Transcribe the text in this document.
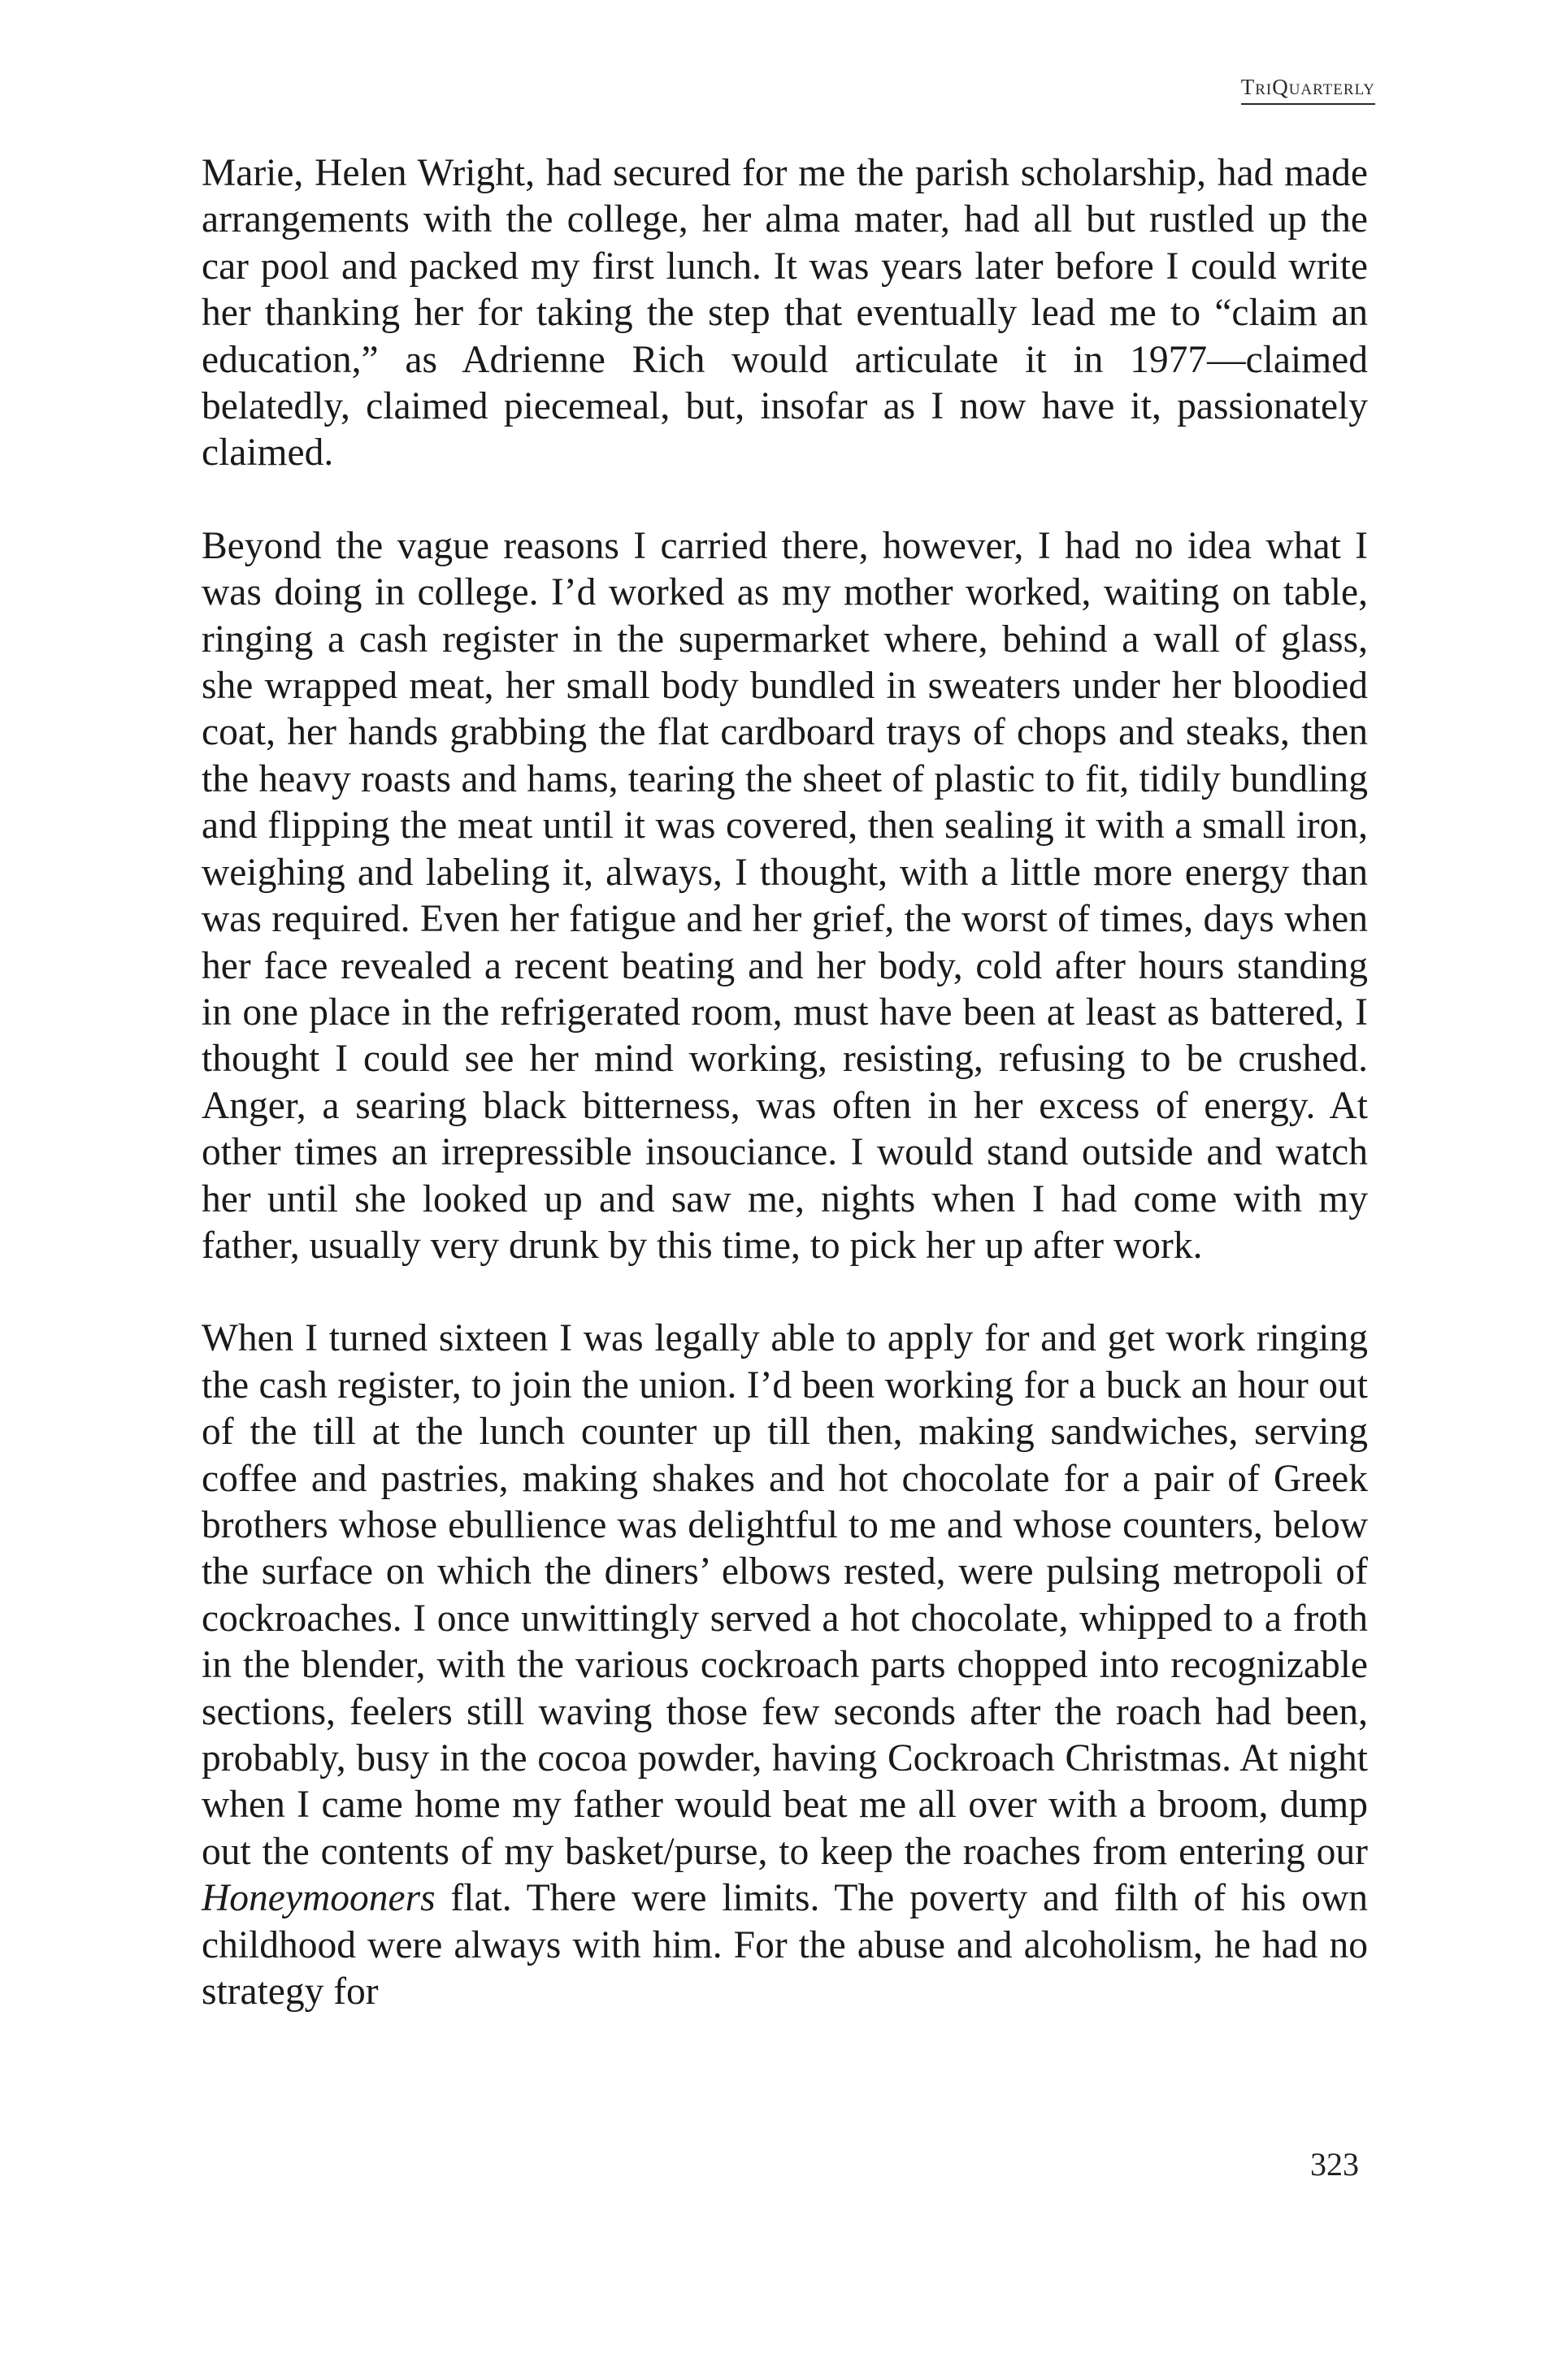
TriQuarterly

Marie, Helen Wright, had secured for me the parish scholarship, had made arrangements with the college, her alma mater, had all but rustled up the car pool and packed my first lunch. It was years later before I could write her thanking her for taking the step that eventually lead me to “claim an education,” as Adrienne Rich would articulate it in 1977—claimed belatedly, claimed piecemeal, but, insofar as I now have it, passionately claimed.

Beyond the vague reasons I carried there, however, I had no idea what I was doing in college. I’d worked as my mother worked, waiting on table, ringing a cash register in the supermarket where, behind a wall of glass, she wrapped meat, her small body bundled in sweaters under her bloodied coat, her hands grabbing the flat cardboard trays of chops and steaks, then the heavy roasts and hams, tearing the sheet of plastic to fit, tidily bundling and flipping the meat until it was covered, then sealing it with a small iron, weighing and labeling it, always, I thought, with a little more energy than was required. Even her fatigue and her grief, the worst of times, days when her face revealed a recent beating and her body, cold after hours standing in one place in the refrigerated room, must have been at least as battered, I thought I could see her mind working, resisting, refusing to be crushed. Anger, a searing black bitterness, was often in her excess of energy. At other times an irrepressible insouciance. I would stand outside and watch her until she looked up and saw me, nights when I had come with my father, usually very drunk by this time, to pick her up after work.

When I turned sixteen I was legally able to apply for and get work ringing the cash register, to join the union. I’d been working for a buck an hour out of the till at the lunch counter up till then, making sandwiches, serving coffee and pastries, making shakes and hot chocolate for a pair of Greek brothers whose ebullience was delightful to me and whose counters, below the surface on which the diners’ elbows rested, were pulsing metropoli of cockroaches. I once unwittingly served a hot chocolate, whipped to a froth in the blender, with the various cockroach parts chopped into recognizable sections, feelers still waving those few seconds after the roach had been, probably, busy in the cocoa powder, having Cockroach Christmas. At night when I came home my father would beat me all over with a broom, dump out the contents of my basket/purse, to keep the roaches from entering our Honeymooners flat. There were limits. The poverty and filth of his own childhood were always with him. For the abuse and alcoholism, he had no strategy for

323
